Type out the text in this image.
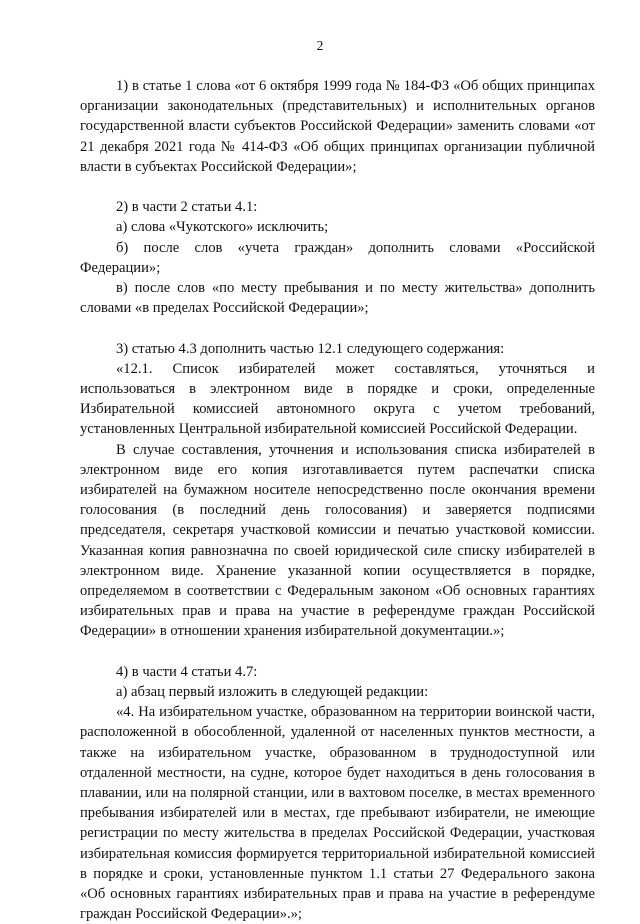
2

1) в статье 1 слова «от 6 октября 1999 года № 184-ФЗ «Об общих принципах организации законодательных (представительных) и исполнительных органов государственной власти субъектов Российской Федерации» заменить словами «от 21 декабря 2021 года № 414-ФЗ «Об общих принципах организации публичной власти в субъектах Российской Федерации»;

2) в части 2 статьи 4.1:

а) слова «Чукотского» исключить;

б) после слов «учета граждан» дополнить словами «Российской Федерации»;

в) после слов «по месту пребывания и по месту жительства» дополнить словами «в пределах Российской Федерации»;

3) статью 4.3 дополнить частью 12.1 следующего содержания:

«12.1. Список избирателей может составляться, уточняться и использоваться в электронном виде в порядке и сроки, определенные Избирательной комиссией автономного округа с учетом требований, установленных Центральной избирательной комиссией Российской Федерации.

В случае составления, уточнения и использования списка избирателей в электронном виде его копия изготавливается путем распечатки списка избирателей на бумажном носителе непосредственно после окончания времени голосования (в последний день голосования) и заверяется подписями председателя, секретаря участковой комиссии и печатью участковой комиссии. Указанная копия равнозначна по своей юридической силе списку избирателей в электронном виде. Хранение указанной копии осуществляется в порядке, определяемом в соответствии с Федеральным законом «Об основных гарантиях избирательных прав и права на участие в референдуме граждан Российской Федерации» в отношении хранения избирательной документации.»;

4) в части 4 статьи 4.7:

а) абзац первый изложить в следующей редакции:

«4. На избирательном участке, образованном на территории воинской части, расположенной в обособленной, удаленной от населенных пунктов местности, а также на избирательном участке, образованном в труднодоступной или отдаленной местности, на судне, которое будет находиться в день голосования в плавании, или на полярной станции, или в вахтовом поселке, в местах временного пребывания избирателей или в местах, где пребывают избиратели, не имеющие регистрации по месту жительства в пределах Российской Федерации, участковая избирательная комиссия формируется территориальной избирательной комиссией в порядке и сроки, установленные пунктом 1.1 статьи 27 Федерального закона «Об основных гарантиях избирательных прав и права на участие в референдуме граждан Российской Федерации».»;
